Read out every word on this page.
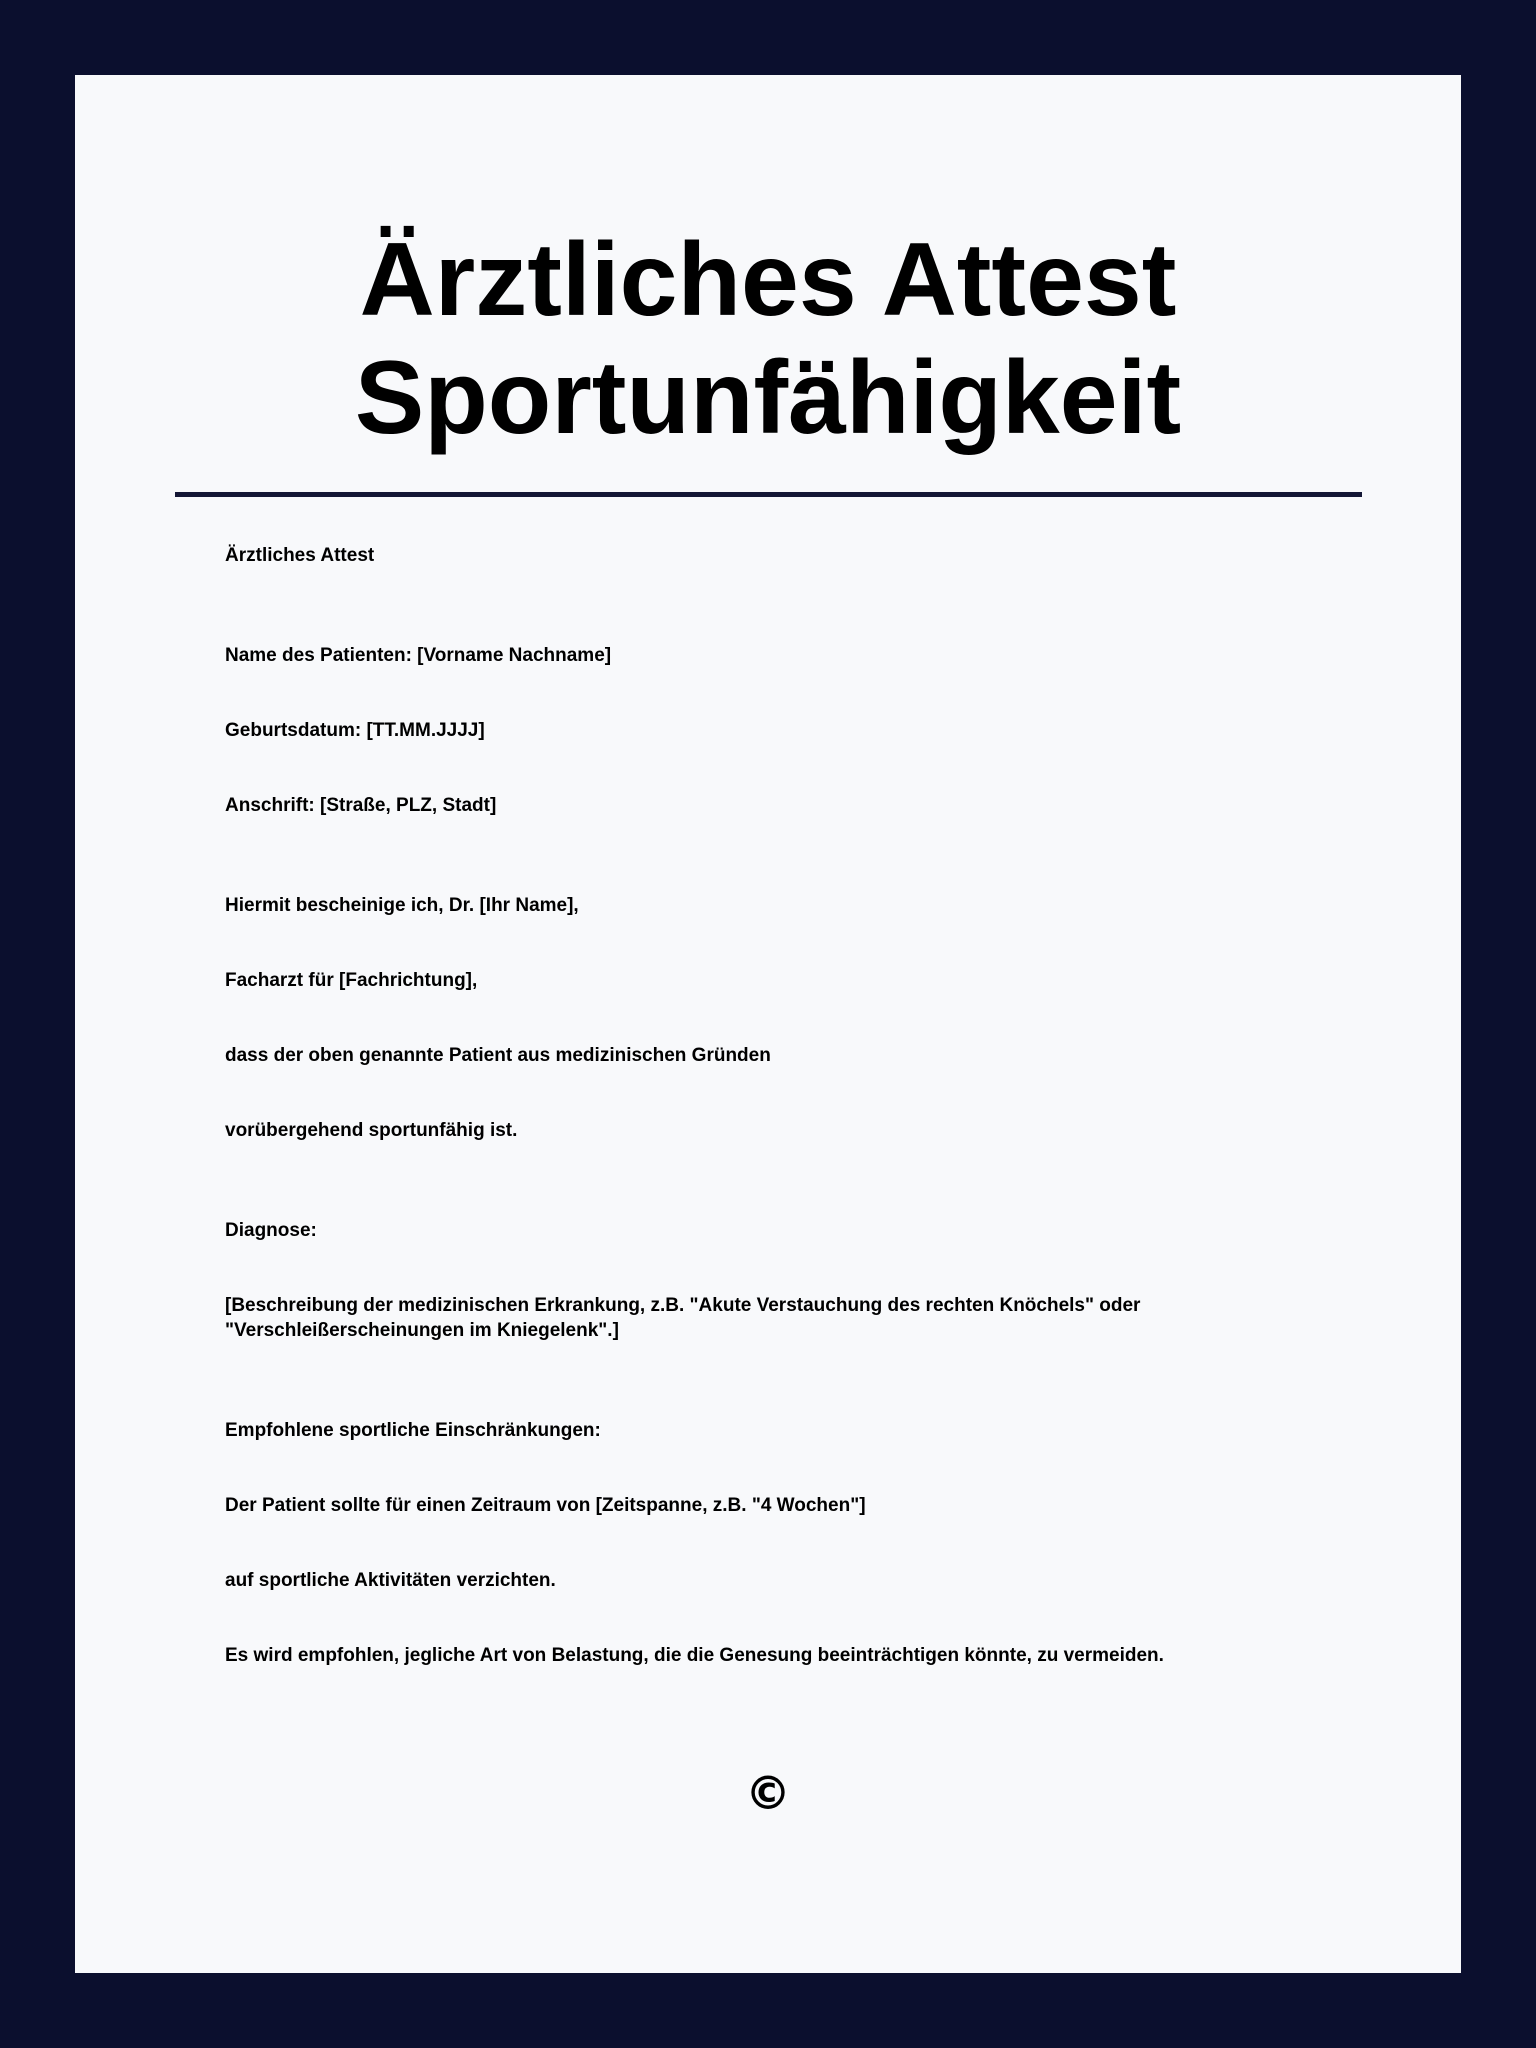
Ärztliches Attest
Sportunfähigkeit

Ärztliches Attest

Name des Patienten: [Vorname Nachname]

Geburtsdatum: [TT.MM.JJJJ]

Anschrift: [Straße, PLZ, Stadt]

Hiermit bescheinige ich, Dr. [Ihr Name],

Facharzt für [Fachrichtung],

dass der oben genannte Patient aus medizinischen Gründen

vorübergehend sportunfähig ist.

Diagnose:

[Beschreibung der medizinischen Erkrankung, z.B. "Akute Verstauchung des rechten Knöchels" oder "Verschleißerscheinungen im Kniegelenk".]

Empfohlene sportliche Einschränkungen:

Der Patient sollte für einen Zeitraum von [Zeitspanne, z.B. "4 Wochen"]

auf sportliche Aktivitäten verzichten.

Es wird empfohlen, jegliche Art von Belastung, die die Genesung beeinträchtigen könnte, zu vermeiden.

©
